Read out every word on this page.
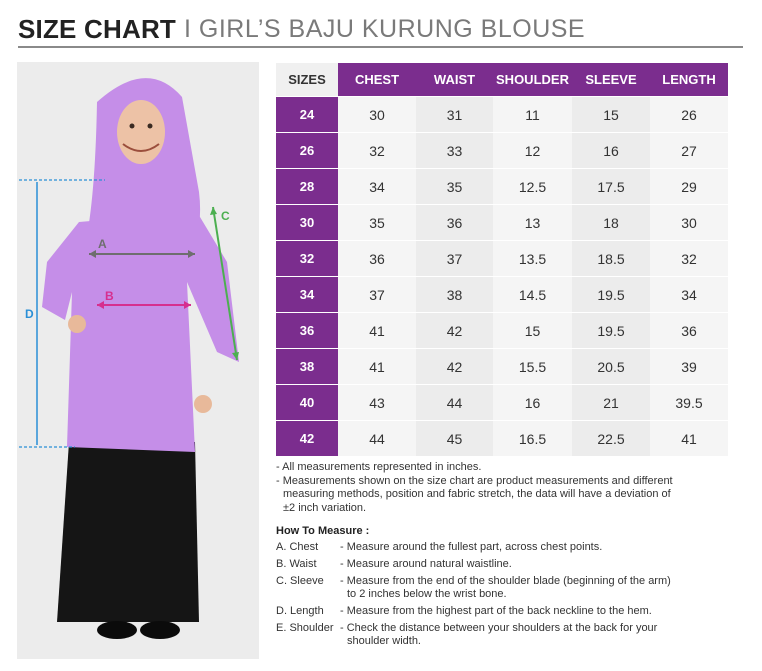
SIZE CHART I GIRL’S BAJU KURUNG BLOUSE
D
A
B
C
SIZES	CHEST	WAIST	SHOULDER	SLEEVE	LENGTH
24	30	31	11	15	26
26	32	33	12	16	27
28	34	35	12.5	17.5	29
30	35	36	13	18	30
32	36	37	13.5	18.5	32
34	37	38	14.5	19.5	34
36	41	42	15	19.5	36
38	41	42	15.5	20.5	39
40	43	44	16	21	39.5
42	44	45	16.5	22.5	41

- All measurements represented in inches.

- Measurements shown on the size chart are product measurements and different

measuring methods, position and fabric stretch, the data will have a deviation of

±2 inch variation.

How To Measure :
A. Chest	- Measure around the fullest part, across chest points.
B. Waist	- Measure around natural waistline.
C. Sleeve	- Measure from the end of the shoulder blade (beginning of the arm)
to 2 inches below the wrist bone.
D. Length	- Measure from the highest part of the back neckline to the hem.
E. Shoulder - Check the distance between your shoulders at the back for your
shoulder width.
